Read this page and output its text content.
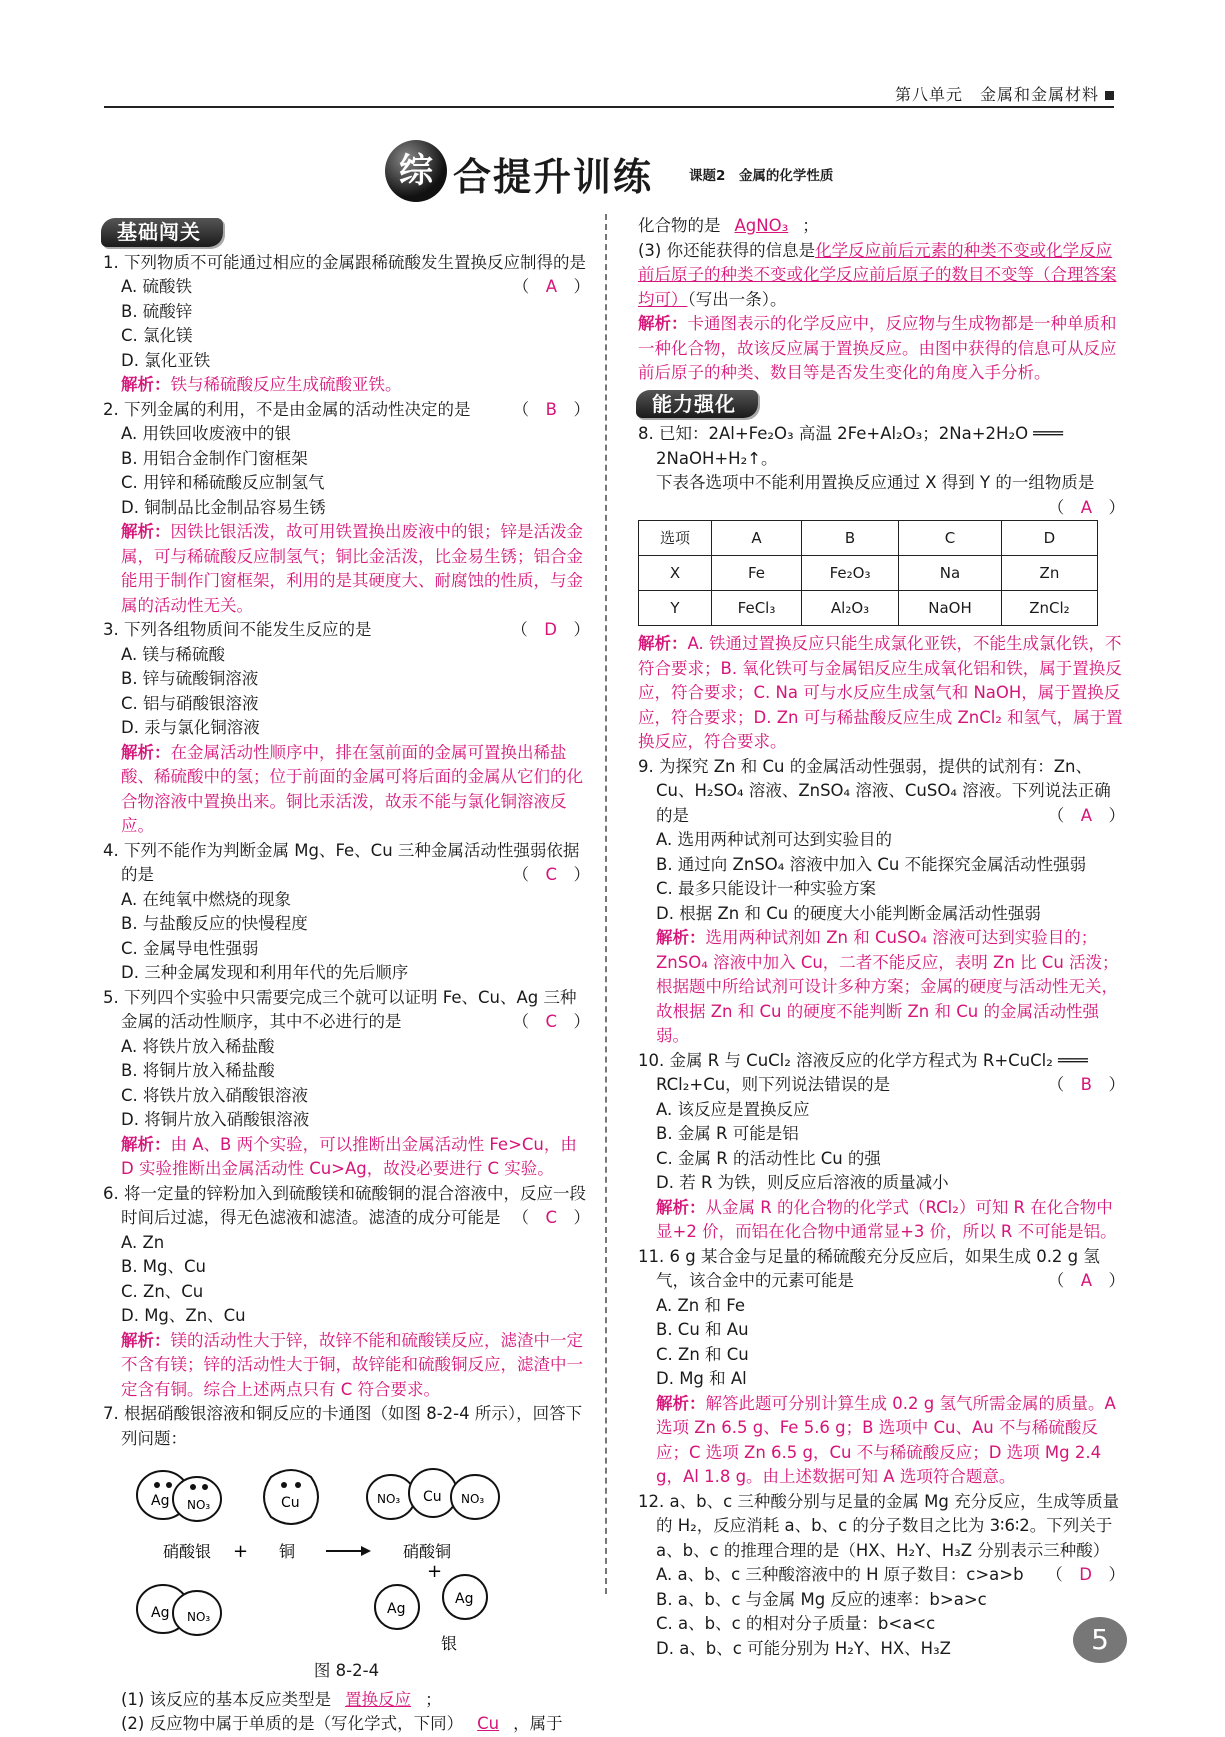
第八单元　金属和金属材料
综 合提升训练	课题2　金属的化学性质
基础闯关
1. 下列物质不可能通过相应的金属跟稀硫酸发生置换反应制得的是
（　A　）
A. 硫酸铁
B. 硫酸锌
C. 氯化镁
D. 氯化亚铁
解析：铁与稀硫酸反应生成硫酸亚铁。
2. 下列金属的利用，不是由金属的活动性决定的是	（　B　）
A. 用铁回收废液中的银
B. 用铝合金制作门窗框架
C. 用锌和稀硫酸反应制氢气
D. 铜制品比金制品容易生锈
解析：因铁比银活泼，故可用铁置换出废液中的银；锌是活泼金属，可与稀硫酸反应制氢气；铜比金活泼，比金易生锈；铝合金能用于制作门窗框架，利用的是其硬度大、耐腐蚀的性质，与金属的活动性无关。
3. 下列各组物质间不能发生反应的是	（　D　）
A. 镁与稀硫酸
B. 锌与硫酸铜溶液
C. 铝与硝酸银溶液
D. 汞与氯化铜溶液
解析：在金属活动性顺序中，排在氢前面的金属可置换出稀盐酸、稀硫酸中的氢；位于前面的金属可将后面的金属从它们的化合物溶液中置换出来。铜比汞活泼，故汞不能与氯化铜溶液反应。
4. 下列不能作为判断金属 Mg、Fe、Cu 三种金属活动性强弱依据的是	（　C　）
A. 在纯氧中燃烧的现象
B. 与盐酸反应的快慢程度
C. 金属导电性强弱
D. 三种金属发现和利用年代的先后顺序
5. 下列四个实验中只需要完成三个就可以证明 Fe、Cu、Ag 三种金属的活动性顺序，其中不必进行的是	（　C　）
A. 将铁片放入稀盐酸
B. 将铜片放入稀盐酸
C. 将铁片放入硝酸银溶液
D. 将铜片放入硝酸银溶液
解析：由 A、B 两个实验，可以推断出金属活动性 Fe>Cu，由 D 实验推断出金属活动性 Cu>Ag，故没必要进行 C 实验。
6. 将一定量的锌粉加入到硫酸镁和硫酸铜的混合溶液中，反应一段时间后过滤，得无色滤液和滤渣。滤渣的成分可能是 （　C　）
A. Zn
B. Mg、Cu
C. Zn、Cu
D. Mg、Zn、Cu
解析：镁的活动性大于锌，故锌不能和硫酸镁反应，滤渣中一定不含有镁；锌的活动性大于铜，故锌能和硫酸铜反应，滤渣中一定含有铜。综合上述两点只有 C 符合要求。
7. 根据硝酸银溶液和铜反应的卡通图（如图 8-2-4 所示），回答下列问题：
Ag NO₃
硝酸银 +
Cu
铜
NO₃ Cu NO₃
硝酸铜
+
Ag NO₃	Ag
Ag
银
图 8-2-4
(1) 该反应的基本反应类型是 置换反应 ；
(2) 反应物中属于单质的是（写化学式，下同） Cu ，属于
化合物的是 AgNO₃ ；
(3) 你还能获得的信息是化学反应前后元素的种类不变或化学反应前后原子的种类不变或化学反应前后原子的数目不变等（合理答案均可）（写出一条）。
解析：卡通图表示的化学反应中，反应物与生成物都是一种单质和一种化合物，故该反应属于置换反应。由图中获得的信息可从反应前后原子的种类、数目等是否发生变化的角度入手分析。
能力强化
8. 已知：2Al+Fe₂O₃ 高温 2Fe+Al₂O₃；2Na+2H₂O ═══ 2NaOH+H₂↑。
下表各选项中不能利用置换反应通过 X 得到 Y 的一组物质是
（　A　）
选项	A	B	C	D
X	Fe	Fe₂O₃	Na	Zn
Y	FeCl₃	Al₂O₃	NaOH	ZnCl₂
解析：A. 铁通过置换反应只能生成氯化亚铁，不能生成氯化铁，不符合要求；B. 氧化铁可与金属铝反应生成氧化铝和铁，属于置换反应，符合要求；C. Na 可与水反应生成氢气和 NaOH，属于置换反应，符合要求；D. Zn 可与稀盐酸反应生成 ZnCl₂ 和氢气，属于置换反应，符合要求。
9. 为探究 Zn 和 Cu 的金属活动性强弱，提供的试剂有：Zn、Cu、H₂SO₄ 溶液、ZnSO₄ 溶液、CuSO₄ 溶液。下列说法正确的是	（　A　）
A. 选用两种试剂可达到实验目的
B. 通过向 ZnSO₄ 溶液中加入 Cu 不能探究金属活动性强弱
C. 最多只能设计一种实验方案
D. 根据 Zn 和 Cu 的硬度大小能判断金属活动性强弱
解析：选用两种试剂如 Zn 和 CuSO₄ 溶液可达到实验目的；ZnSO₄ 溶液中加入 Cu，二者不能反应，表明 Zn 比 Cu 活泼；根据题中所给试剂可设计多种方案；金属的硬度与活动性无关，故根据 Zn 和 Cu 的硬度不能判断 Zn 和 Cu 的金属活动性强弱。
10. 金属 R 与 CuCl₂ 溶液反应的化学方程式为 R+CuCl₂ ═══ RCl₂+Cu，则下列说法错误的是	（　B　）
A. 该反应是置换反应
B. 金属 R 可能是铝
C. 金属 R 的活动性比 Cu 的强
D. 若 R 为铁，则反应后溶液的质量减小
解析：从金属 R 的化合物的化学式（RCl₂）可知 R 在化合物中显+2 价，而铝在化合物中通常显+3 价，所以 R 不可能是铝。
11. 6 g 某合金与足量的稀硫酸充分反应后，如果生成 0.2 g 氢气，该合金中的元素可能是	（　A　）
A. Zn 和 Fe
B. Cu 和 Au
C. Zn 和 Cu
D. Mg 和 Al
解析：解答此题可分别计算生成 0.2 g 氢气所需金属的质量。A 选项 Zn 6.5 g、Fe 5.6 g；B 选项中 Cu、Au 不与稀硫酸反应；C 选项 Zn 6.5 g，Cu 不与稀硫酸反应；D 选项 Mg 2.4 g，Al 1.8 g。由上述数据可知 A 选项符合题意。
12. a、b、c 三种酸分别与足量的金属 Mg 充分反应，生成等质量的 H₂，反应消耗 a、b、c 的分子数目之比为 3∶6∶2。下列关于 a、b、c 的推理合理的是（HX、H₂Y、H₃Z 分别表示三种酸）
（　D　）
A. a、b、c 三种酸溶液中的 H 原子数目：c>a>b
B. a、b、c 与金属 Mg 反应的速率：b>a>c
C. a、b、c 的相对分子质量：b<a<c
D. a、b、c 可能分别为 H₂Y、HX、H₃Z	5
